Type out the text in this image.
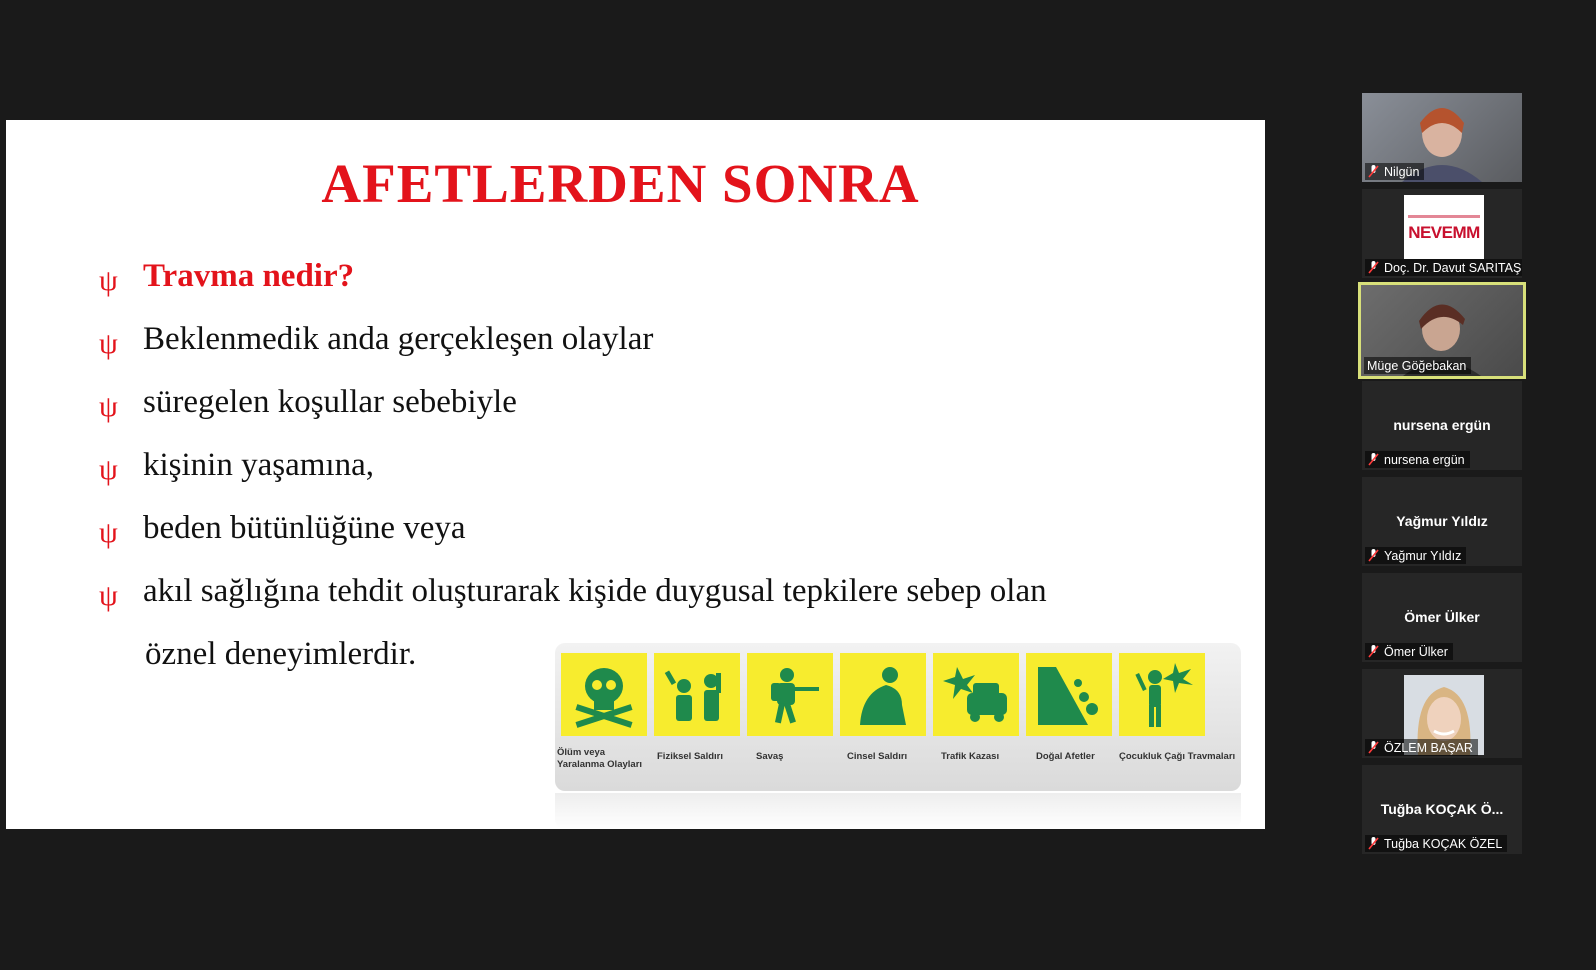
AFETLERDEN SONRA
ψ Travma nedir?
ψ Beklenmedik anda gerçekleşen olaylar
ψ süregelen koşullar sebebiyle
ψ kişinin yaşamına,
ψ beden bütünlüğüne veya
ψ akıl sağlığına tehdit oluşturarak kişide duygusal tepkilere sebep olan
öznel deneyimlerdir.
Ölüm veya Yaralanma Olayları
Fiziksel Saldırı	Savaş	Cinsel Saldırı	Trafik Kazası	Doğal Afetler	Çocukluk Çağı Travmaları
Nilgün
NEVEMM
Doç. Dr. Davut SARITAŞ
Müge Göğebakan
nursena ergün
nursena ergün
Yağmur Yıldız
Yağmur Yıldız
Ömer Ülker
Ömer Ülker
ÖZLEM BAŞAR
Tuğba KOÇAK Ö...
Tuğba KOÇAK ÖZEL
